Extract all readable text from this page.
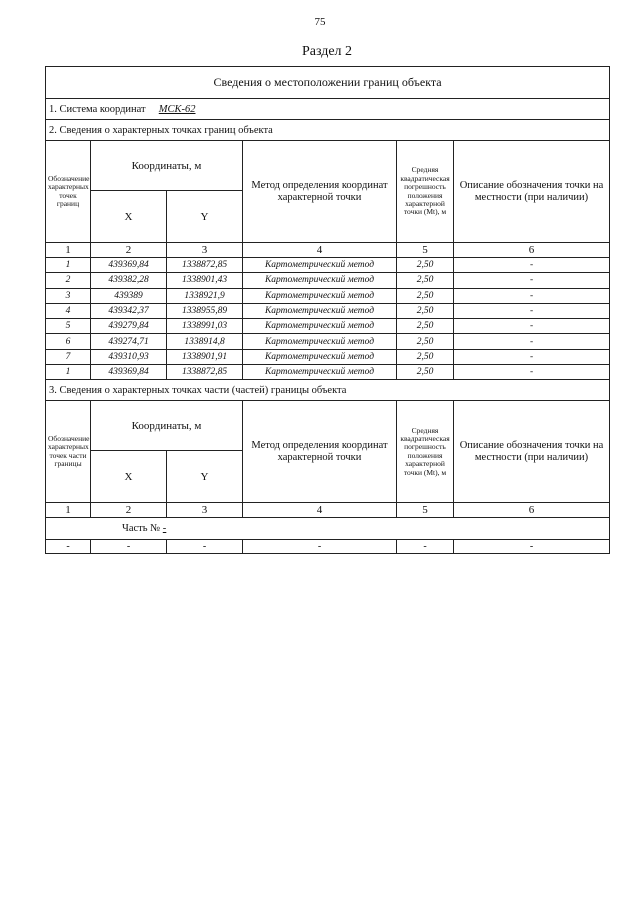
75
Раздел 2
Сведения о местоположении границ объекта					
1. Система координат МСК-62					
2. Сведения о характерных точках границ объекта					
Обозначение характерных точек границ	Координаты, м		Метод определения координат характерной точки	Средняя квадратическая погрешность положения характерной точки (Mt), м	Описание обозначения точки на местности (при наличии)
	X	Y			
1	2	3	4	5	6
1	439369,84	1338872,85	Картометрический метод	2,50	-
2	439382,28	1338901,43	Картометрический метод	2,50	-
3	439389	1338921,9	Картометрический метод	2,50	-
4	439342,37	1338955,89	Картометрический метод	2,50	-
5	439279,84	1338991,03	Картометрический метод	2,50	-
6	439274,71	1338914,8	Картометрический метод	2,50	-
7	439310,93	1338901,91	Картометрический метод	2,50	-
1	439369,84	1338872,85	Картометрический метод	2,50	-
3. Сведения о характерных точках части (частей) границы объекта					
Обозначение характерных точек части границы	Координаты, м		Метод определения координат характерной точки	Средняя квадратическая погрешность положения характерной точки (Mt), м	Описание обозначения точки на местности (при наличии)
	X	Y			
1	2	3	4	5	6
Часть № -					
-	-	-	-	-	-
